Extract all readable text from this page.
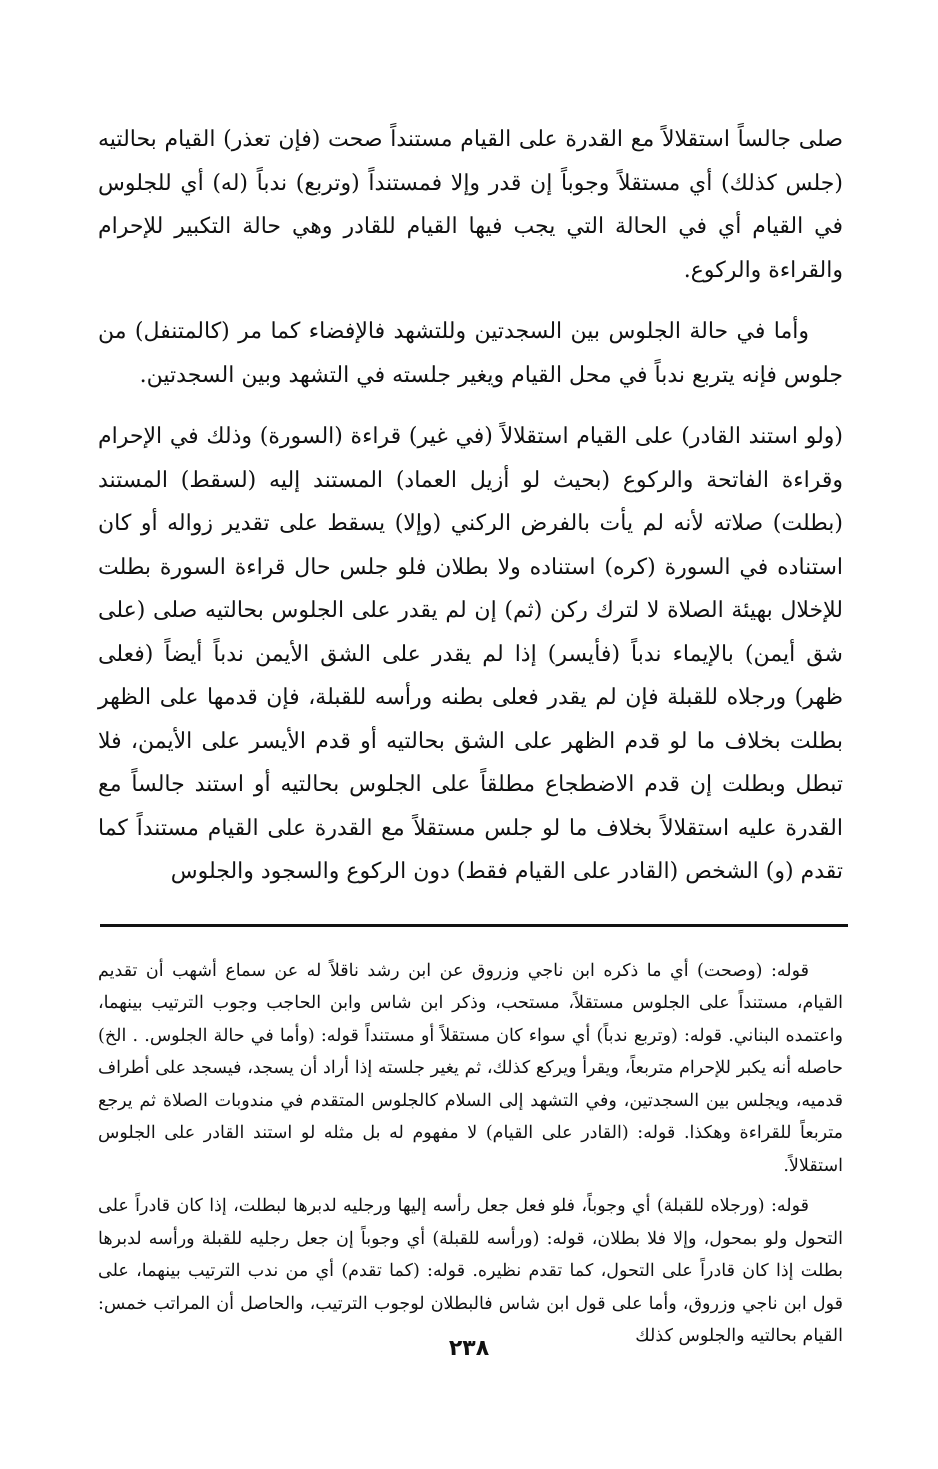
صلى جالساً استقلالاً مع القدرة على القيام مستنداً صحت (فإن تعذر) القيام بحالتيه (جلس كذلك) أي مستقلاً وجوباً إن قدر وإلا فمستنداً (وتربع) ندباً (له) أي للجلوس في القيام أي في الحالة التي يجب فيها القيام للقادر وهي حالة التكبير للإحرام والقراءة والركوع.

وأما في حالة الجلوس بين السجدتين وللتشهد فالإفضاء كما مر (كالمتنفل) من جلوس فإنه يتربع ندباً في محل القيام ويغير جلسته في التشهد وبين السجدتين.

(ولو استند القادر) على القيام استقلالاً (في غير) قراءة (السورة) وذلك في الإحرام وقراءة الفاتحة والركوع (بحيث لو أزيل العماد) المستند إليه (لسقط) المستند (بطلت) صلاته لأنه لم يأت بالفرض الركني (وإلا) يسقط على تقدير زواله أو كان استناده في السورة (كره) استناده ولا بطلان فلو جلس حال قراءة السورة بطلت للإخلال بهيئة الصلاة لا لترك ركن (ثم) إن لم يقدر على الجلوس بحالتيه صلى (على شق أيمن) بالإيماء ندباً (فأيسر) إذا لم يقدر على الشق الأيمن ندباً أيضاً (فعلى ظهر) ورجلاه للقبلة فإن لم يقدر فعلى بطنه ورأسه للقبلة، فإن قدمها على الظهر بطلت بخلاف ما لو قدم الظهر على الشق بحالتيه أو قدم الأيسر على الأيمن، فلا تبطل وبطلت إن قدم الاضطجاع مطلقاً على الجلوس بحالتيه أو استند جالساً مع القدرة عليه استقلالاً بخلاف ما لو جلس مستقلاً مع القدرة على القيام مستنداً كما تقدم (و) الشخص (القادر على القيام فقط) دون الركوع والسجود والجلوس

قوله: (وصحت) أي ما ذكره ابن ناجي وزروق عن ابن رشد ناقلاً له عن سماع أشهب أن تقديم القيام، مستنداً على الجلوس مستقلاً، مستحب، وذكر ابن شاس وابن الحاجب وجوب الترتيب بينهما، واعتمده البناني. قوله: (وتربع ندباً) أي سواء كان مستقلاً أو مستنداً قوله: (وأما في حالة الجلوس. . الخ) حاصله أنه يكبر للإحرام متربعاً، ويقرأ ويركع كذلك، ثم يغير جلسته إذا أراد أن يسجد، فيسجد على أطراف قدميه، ويجلس بين السجدتين، وفي التشهد إلى السلام كالجلوس المتقدم في مندوبات الصلاة ثم يرجع متربعاً للقراءة وهكذا. قوله: (القادر على القيام) لا مفهوم له بل مثله لو استند القادر على الجلوس استقلالاً.

قوله: (ورجلاه للقبلة) أي وجوباً، فلو فعل جعل رأسه إليها ورجليه لدبرها لبطلت، إذا كان قادراً على التحول ولو بمحول، وإلا فلا بطلان، قوله: (ورأسه للقبلة) أي وجوباً إن جعل رجليه للقبلة ورأسه لدبرها بطلت إذا كان قادراً على التحول، كما تقدم نظيره. قوله: (كما تقدم) أي من ندب الترتيب بينهما، على قول ابن ناجي وزروق، وأما على قول ابن شاس فالبطلان لوجوب الترتيب، والحاصل أن المراتب خمس: القيام بحالتيه والجلوس كذلك

٢٣٨
